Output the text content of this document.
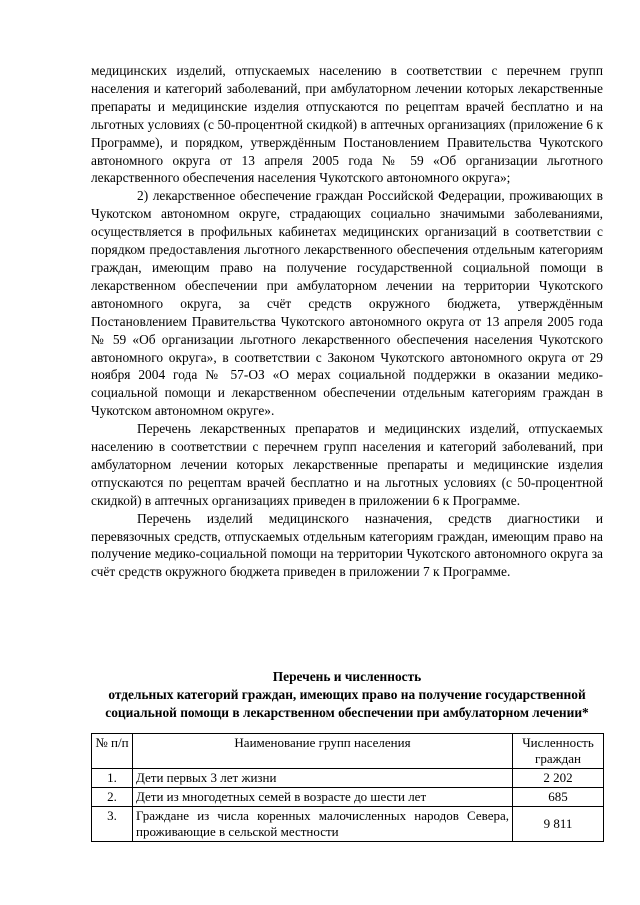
медицинских изделий, отпускаемых населению в соответствии с перечнем групп населения и категорий заболеваний, при амбулаторном лечении которых лекарственные препараты и медицинские изделия отпускаются по рецептам врачей бесплатно и на льготных условиях (с 50-процентной скидкой) в аптечных организациях (приложение 6 к Программе), и порядком, утверждённым Постановлением Правительства Чукотского автономного округа от 13 апреля 2005 года № 59 «Об организации льготного лекарственного обеспечения населения Чукотского автономного округа»;

2) лекарственное обеспечение граждан Российской Федерации, проживающих в Чукотском автономном округе, страдающих социально значимыми заболеваниями, осуществляется в профильных кабинетах медицинских организаций в соответствии с порядком предоставления льготного лекарственного обеспечения отдельным категориям граждан, имеющим право на получение государственной социальной помощи в лекарственном обеспечении при амбулаторном лечении на территории Чукотского автономного округа, за счёт средств окружного бюджета, утверждённым Постановлением Правительства Чукотского автономного округа от 13 апреля 2005 года № 59 «Об организации льготного лекарственного обеспечения населения Чукотского автономного округа», в соответствии с Законом Чукотского автономного округа от 29 ноября 2004 года № 57-ОЗ «О мерах социальной поддержки в оказании медико-социальной помощи и лекарственном обеспечении отдельным категориям граждан в Чукотском автономном округе».

Перечень лекарственных препаратов и медицинских изделий, отпускаемых населению в соответствии с перечнем групп населения и категорий заболеваний, при амбулаторном лечении которых лекарственные препараты и медицинские изделия отпускаются по рецептам врачей бесплатно и на льготных условиях (с 50-процентной скидкой) в аптечных организациях приведен в приложении 6 к Программе.

Перечень изделий медицинского назначения, средств диагностики и перевязочных средств, отпускаемых отдельным категориям граждан, имеющим право на получение медико-социальной помощи на территории Чукотского автономного округа за счёт средств окружного бюджета приведен в приложении 7 к Программе.

Перечень и численность
отдельных категорий граждан, имеющих право на получение государственной
социальной помощи в лекарственном обеспечении при амбулаторном лечении*
№ п/п	Наименование групп населения	Численность граждан
1.	Дети первых 3 лет жизни	2 202
2.	Дети из многодетных семей в возрасте до шести лет	685
3.	Граждане из числа коренных малочисленных народов Севера, проживающие в сельской местности	9 811
